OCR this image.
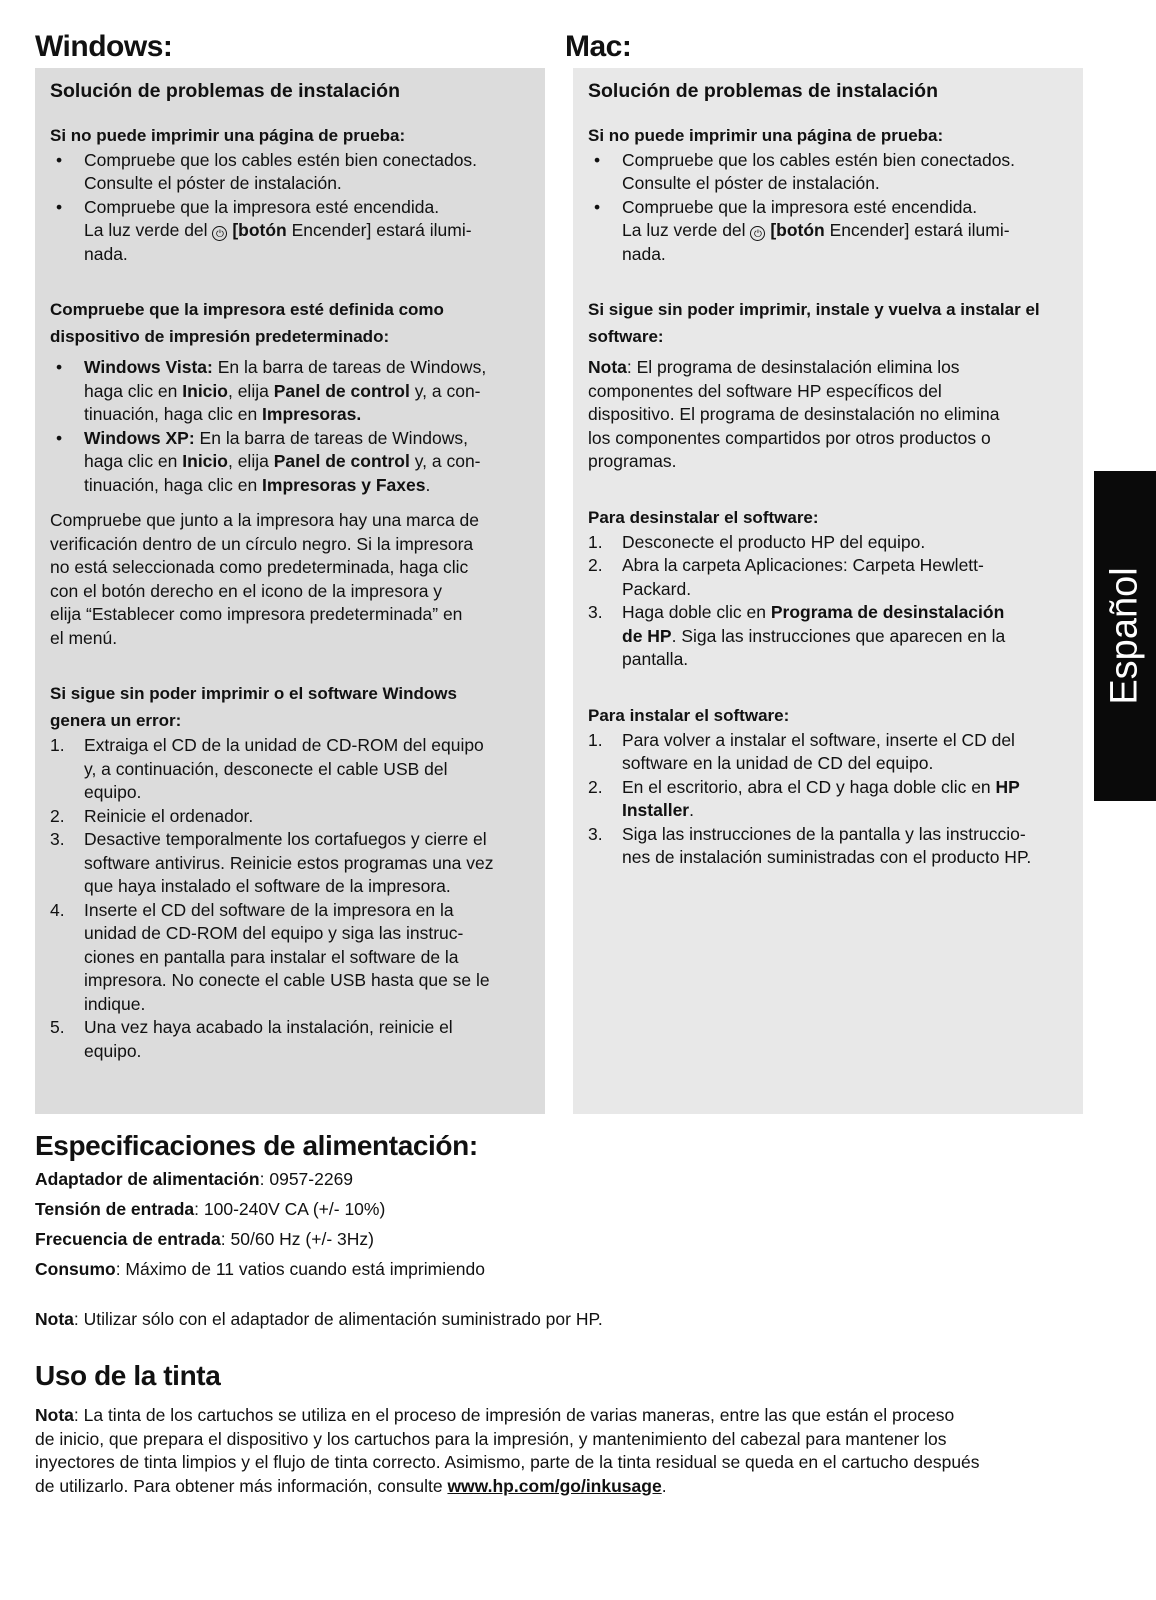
Windows:	Mac:
Solución de problemas de instalación
Si no puede imprimir una página de prueba:
• Compruebe que los cables estén bien conectados.
Consulte el póster de instalación.
• Compruebe que la impresora esté encendida.
La luz verde del ⏻ [botón Encender] estará ilumi-
nada.
Compruebe que la impresora esté definida como
dispositivo de impresión predeterminado:
• Windows Vista: En la barra de tareas de Windows,
haga clic en Inicio, elija Panel de control y, a con-
tinuación, haga clic en Impresoras.
• Windows XP: En la barra de tareas de Windows,
haga clic en Inicio, elija Panel de control y, a con-
tinuación, haga clic en Impresoras y Faxes.
Compruebe que junto a la impresora hay una marca de
verificación dentro de un círculo negro. Si la impresora
no está seleccionada como predeterminada, haga clic
con el botón derecho en el icono de la impresora y
elija “Establecer como impresora predeterminada” en
el menú.
Si sigue sin poder imprimir o el software Windows
genera un error:
1. Extraiga el CD de la unidad de CD-ROM del equipo
y, a continuación, desconecte el cable USB del
equipo.
2. Reinicie el ordenador.
3. Desactive temporalmente los cortafuegos y cierre el
software antivirus. Reinicie estos programas una vez
que haya instalado el software de la impresora.
4. Inserte el CD del software de la impresora en la
unidad de CD-ROM del equipo y siga las instruc-
ciones en pantalla para instalar el software de la
impresora. No conecte el cable USB hasta que se le
indique.
5. Una vez haya acabado la instalación, reinicie el
equipo.
Solución de problemas de instalación
Si no puede imprimir una página de prueba:
• Compruebe que los cables estén bien conectados.
Consulte el póster de instalación.
• Compruebe que la impresora esté encendida.
La luz verde del ⏻ [botón Encender] estará ilumi-
nada.
Si sigue sin poder imprimir, instale y vuelva a instalar el
software:
Nota: El programa de desinstalación elimina los
componentes del software HP específicos del
dispositivo. El programa de desinstalación no elimina
los componentes compartidos por otros productos o
programas.
Para desinstalar el software:
1. Desconecte el producto HP del equipo.
2. Abra la carpeta Aplicaciones: Carpeta Hewlett-
Packard.
3. Haga doble clic en Programa de desinstalación
de HP. Siga las instrucciones que aparecen en la
pantalla.
Para instalar el software:
1. Para volver a instalar el software, inserte el CD del
software en la unidad de CD del equipo.
2. En el escritorio, abra el CD y haga doble clic en HP
Installer.
3. Siga las instrucciones de la pantalla y las instruccio-
nes de instalación suministradas con el producto HP.
Español
Especificaciones de alimentación:
Adaptador de alimentación: 0957-2269
Tensión de entrada: 100-240V CA (+/- 10%)
Frecuencia de entrada: 50/60 Hz (+/- 3Hz)
Consumo: Máximo de 11 vatios cuando está imprimiendo
Nota: Utilizar sólo con el adaptador de alimentación suministrado por HP.
Uso de la tinta
Nota: La tinta de los cartuchos se utiliza en el proceso de impresión de varias maneras, entre las que están el proceso
de inicio, que prepara el dispositivo y los cartuchos para la impresión, y mantenimiento del cabezal para mantener los
inyectores de tinta limpios y el flujo de tinta correcto. Asimismo, parte de la tinta residual se queda en el cartucho después
de utilizarlo. Para obtener más información, consulte www.hp.com/go/inkusage.
